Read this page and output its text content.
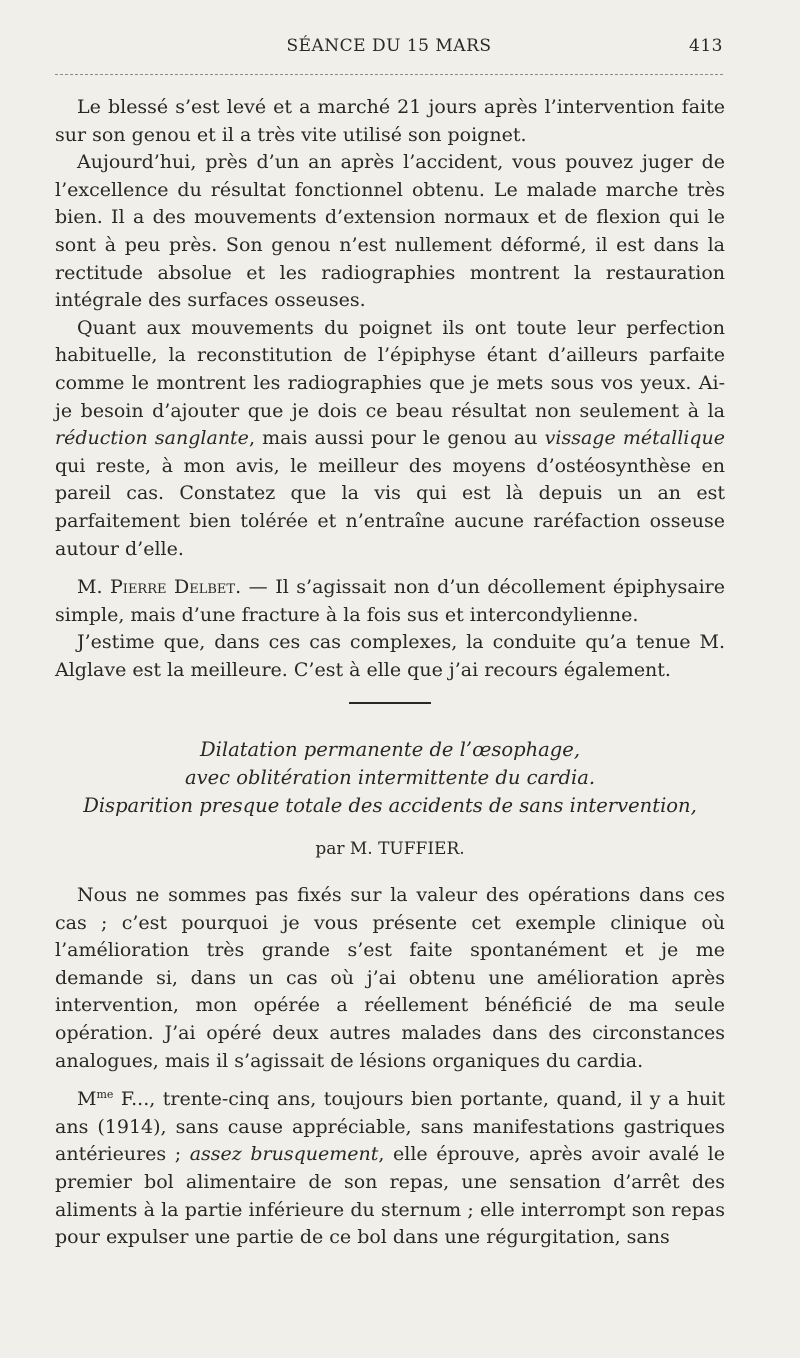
SÉANCE DU 15 MARS	413

Le blessé s’est levé et a marché 21 jours après l’intervention faite sur son genou et il a très vite utilisé son poignet.

Aujourd’hui, près d’un an après l’accident, vous pouvez juger de l’excellence du résultat fonctionnel obtenu. Le malade marche très bien. Il a des mouvements d’extension normaux et de flexion qui le sont à peu près. Son genou n’est nullement déformé, il est dans la rectitude absolue et les radiographies montrent la restauration intégrale des surfaces osseuses.

Quant aux mouvements du poignet ils ont toute leur perfection habituelle, la reconstitution de l’épiphyse étant d’ailleurs parfaite comme le montrent les radiographies que je mets sous vos yeux. Ai-je besoin d’ajouter que je dois ce beau résultat non seulement à la réduction sanglante, mais aussi pour le genou au vissage métallique qui reste, à mon avis, le meilleur des moyens d’ostéosynthèse en pareil cas. Constatez que la vis qui est là depuis un an est parfaitement bien tolérée et n’entraîne aucune raréfaction osseuse autour d’elle.

M. Pierre Delbet. — Il s’agissait non d’un décollement épiphysaire simple, mais d’une fracture à la fois sus et intercondylienne.

J’estime que, dans ces cas complexes, la conduite qu’a tenue M. Alglave est la meilleure. C’est à elle que j’ai recours également.

Dilatation permanente de l’œsophage,
avec oblitération intermittente du cardia.
Disparition presque totale des accidents de sans intervention,
par M. TUFFIER.

Nous ne sommes pas fixés sur la valeur des opérations dans ces cas ; c’est pourquoi je vous présente cet exemple clinique où l’amélioration très grande s’est faite spontanément et je me demande si, dans un cas où j’ai obtenu une amélioration après intervention, mon opérée a réellement bénéficié de ma seule opération. J’ai opéré deux autres malades dans des circonstances analogues, mais il s’agissait de lésions organiques du cardia.

$M^{me}$ F..., trente-cinq ans, toujours bien portante, quand, il y a huit ans (1914), sans cause appréciable, sans manifestations gastriques antérieures ; assez brusquement, elle éprouve, après avoir avalé le premier bol alimentaire de son repas, une sensation d’arrêt des aliments à la partie inférieure du sternum ; elle interrompt son repas pour expulser une partie de ce bol dans une régurgitation, sans
